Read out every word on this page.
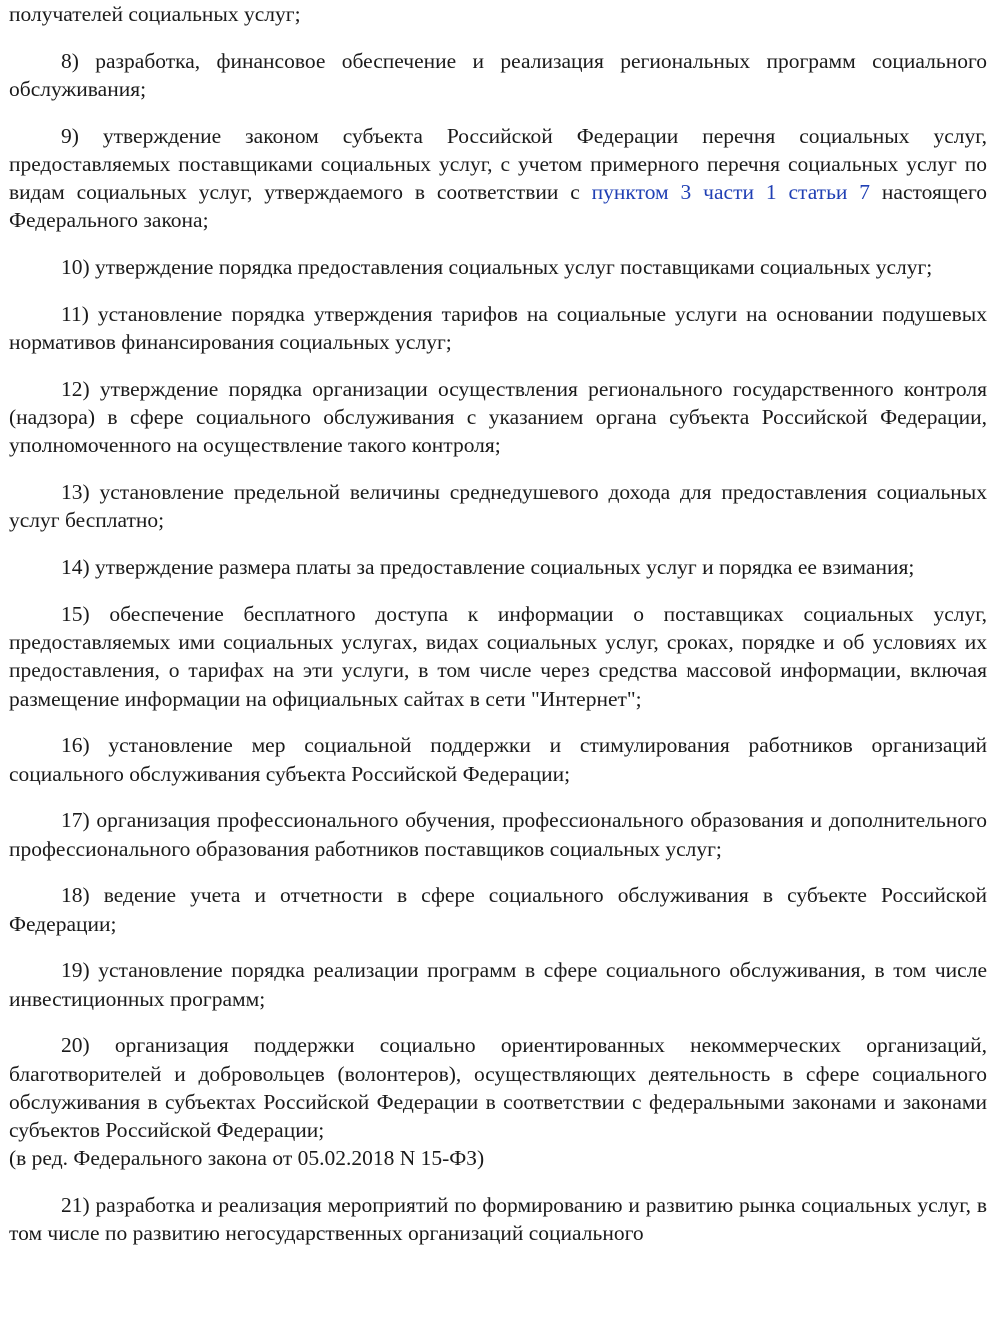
получателей социальных услуг;

8) разработка, финансовое обеспечение и реализация региональных программ социального обслуживания;

9) утверждение законом субъекта Российской Федерации перечня социальных услуг, предоставляемых поставщиками социальных услуг, с учетом примерного перечня социальных услуг по видам социальных услуг, утверждаемого в соответствии с пунктом 3 части 1 статьи 7 настоящего Федерального закона;

10) утверждение порядка предоставления социальных услуг поставщиками социальных услуг;

11) установление порядка утверждения тарифов на социальные услуги на основании подушевых нормативов финансирования социальных услуг;

12) утверждение порядка организации осуществления регионального государственного контроля (надзора) в сфере социального обслуживания с указанием органа субъекта Российской Федерации, уполномоченного на осуществление такого контроля;

13) установление предельной величины среднедушевого дохода для предоставления социальных услуг бесплатно;

14) утверждение размера платы за предоставление социальных услуг и порядка ее взимания;

15) обеспечение бесплатного доступа к информации о поставщиках социальных услуг, предоставляемых ими социальных услугах, видах социальных услуг, сроках, порядке и об условиях их предоставления, о тарифах на эти услуги, в том числе через средства массовой информации, включая размещение информации на официальных сайтах в сети "Интернет";

16) установление мер социальной поддержки и стимулирования работников организаций социального обслуживания субъекта Российской Федерации;

17) организация профессионального обучения, профессионального образования и дополнительного профессионального образования работников поставщиков социальных услуг;

18) ведение учета и отчетности в сфере социального обслуживания в субъекте Российской Федерации;

19) установление порядка реализации программ в сфере социального обслуживания, в том числе инвестиционных программ;

20) организация поддержки социально ориентированных некоммерческих организаций, благотворителей и добровольцев (волонтеров), осуществляющих деятельность в сфере социального обслуживания в субъектах Российской Федерации в соответствии с федеральными законами и законами субъектов Российской Федерации;
(в ред. Федерального закона от 05.02.2018 N 15-ФЗ)

21) разработка и реализация мероприятий по формированию и развитию рынка социальных услуг, в том числе по развитию негосударственных организаций социального
